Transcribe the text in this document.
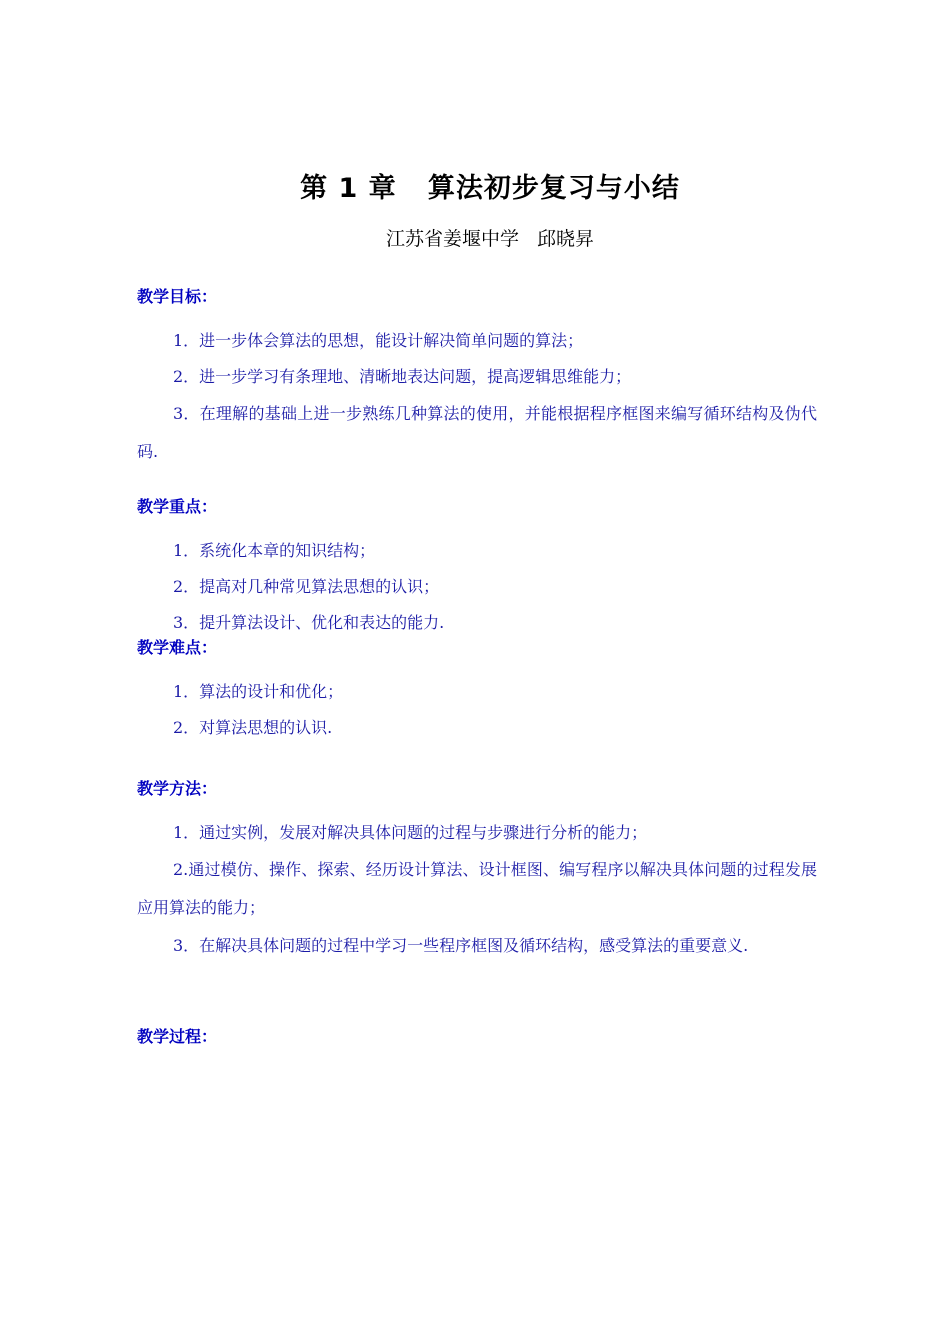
第 1 章   算法初步复习与小结
江苏省姜堰中学   邱晓昇
教学目标：
1．进一步体会算法的思想，能设计解决简单问题的算法；
2．进一步学习有条理地、清晰地表达问题，提高逻辑思维能力；
3．在理解的基础上进一步熟练几种算法的使用，并能根据程序框图来编写循环结构及伪代码.
教学重点：
1．系统化本章的知识结构；
2．提高对几种常见算法思想的认识；
3．提升算法设计、优化和表达的能力.
教学难点：
1．算法的设计和优化；
2．对算法思想的认识.
教学方法：
1．通过实例，发展对解决具体问题的过程与步骤进行分析的能力；
2.通过模仿、操作、探索、经历设计算法、设计框图、编写程序以解决具体问题的过程发展应用算法的能力；
3．在解决具体问题的过程中学习一些程序框图及循环结构，感受算法的重要意义.
教学过程：
